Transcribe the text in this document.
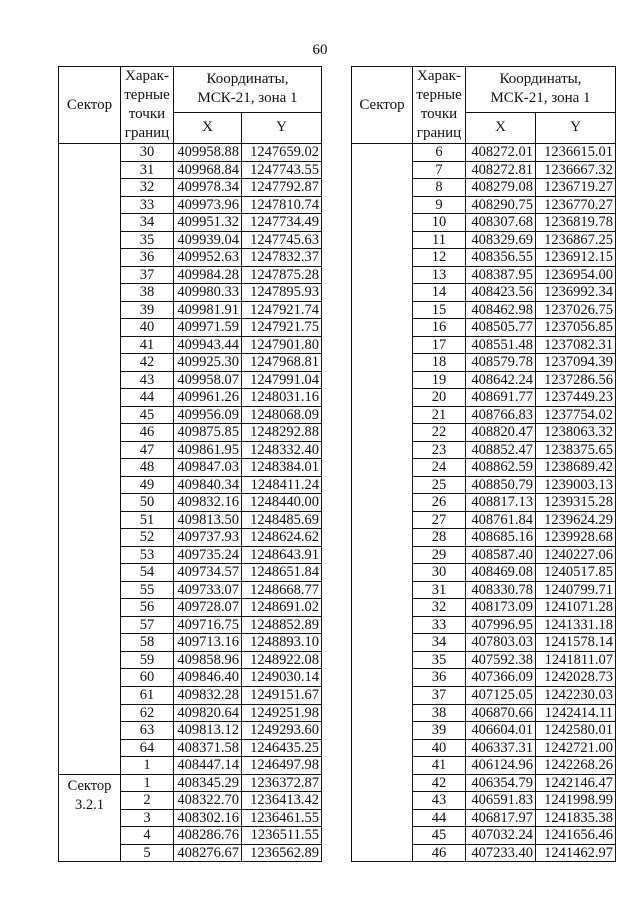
60
Сектор	Харак-
терные
точки
границ	Координаты,
МСК-21, зона 1	
		X	Y
	30	409958.88	1247659.02
	31	409968.84	1247743.55
	32	409978.34	1247792.87
	33	409973.96	1247810.74
	34	409951.32	1247734.49
	35	409939.04	1247745.63
	36	409952.63	1247832.37
	37	409984.28	1247875.28
	38	409980.33	1247895.93
	39	409981.91	1247921.74
	40	409971.59	1247921.75
	41	409943.44	1247901.80
	42	409925.30	1247968.81
	43	409958.07	1247991.04
	44	409961.26	1248031.16
	45	409956.09	1248068.09
	46	409875.85	1248292.88
	47	409861.95	1248332.40
	48	409847.03	1248384.01
	49	409840.34	1248411.24
	50	409832.16	1248440.00
	51	409813.50	1248485.69
	52	409737.93	1248624.62
	53	409735.24	1248643.91
	54	409734.57	1248651.84
	55	409733.07	1248668.77
	56	409728.07	1248691.02
	57	409716.75	1248852.89
	58	409713.16	1248893.10
	59	409858.96	1248922.08
	60	409846.40	1249030.14
	61	409832.28	1249151.67
	62	409820.64	1249251.98
	63	409813.12	1249293.60
	64	408371.58	1246435.25
	1	408447.14	1246497.98

Сектор
3.2.1	1	408345.29	1236372.87
	2	408322.70	1236413.42
	3	408302.16	1236461.55
	4	408286.76	1236511.55
	5	408276.67	1236562.89
Сектор	Харак-
терные
точки
границ	Координаты,
МСК-21, зона 1	
		X	Y
	6	408272.01	1236615.01
	7	408272.81	1236667.32
	8	408279.08	1236719.27
	9	408290.75	1236770.27
	10	408307.68	1236819.78
	11	408329.69	1236867.25
	12	408356.55	1236912.15
	13	408387.95	1236954.00
	14	408423.56	1236992.34
	15	408462.98	1237026.75
	16	408505.77	1237056.85
	17	408551.48	1237082.31
	18	408579.78	1237094.39
	19	408642.24	1237286.56
	20	408691.77	1237449.23
	21	408766.83	1237754.02
	22	408820.47	1238063.32
	23	408852.47	1238375.65
	24	408862.59	1238689.42
	25	408850.79	1239003.13
	26	408817.13	1239315.28
	27	408761.84	1239624.29
	28	408685.16	1239928.68
	29	408587.40	1240227.06
	30	408469.08	1240517.85
	31	408330.78	1240799.71
	32	408173.09	1241071.28
	33	407996.95	1241331.18
	34	407803.03	1241578.14
	35	407592.38	1241811.07
	36	407366.09	1242028.73
	37	407125.05	1242230.03
	38	406870.66	1242414.11
	39	406604.01	1242580.01
	40	406337.31	1242721.00
	41	406124.96	1242268.26
	42	406354.79	1242146.47
	43	406591.83	1241998.99
	44	406817.97	1241835.38
	45	407032.24	1241656.46
	46	407233.40	1241462.97
